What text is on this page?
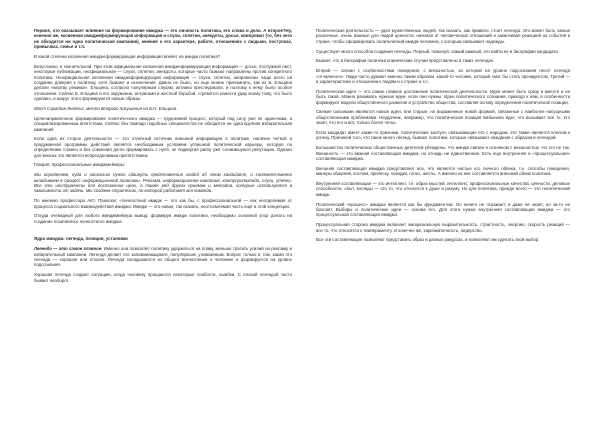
Первое, что оказывает влияние на формирование имиджа — это личность политика, его слова и дела. А второе?Ну, конечно же, косвенная имиджеформирующая информация и слухи, сплетни, анекдоты, досье, компромат (то, без чего не обходится ни одна политическая кампания), мнения о его характере, работе, отношениях с людьми, поступках, привычках, семье и т.п.

В какой степени косвенная имиджеформирующая информация влияет на имидж политика?

Безусловно, в значительной. При этом официальная косвенная имиджеформирующая информация — досье, послужной лист, некоторые публикации, неофициальная — слухи, сплетни, анекдоты, которые часто бывают направлены против конкретного политика. Неофициальная косвенная имиджеформирующая информация — слухи, сплетни, направлены чаще всего на создание доверия к политику, хотя бывают и исключения. Давно не было, но еще можно припомнить, как из Б. Ельцина делали «жертву режима». Ельцина, согласно популярным слухам, активно преследовали, и поэтому к нему было особое отношение. Сейчас Б. Ельцина и его окружение, интригами и жесткой борьбой, стремятся нанести удар всему тому, что было сделано, и вокруг этого формируются новые образы.

Мост Саратов-Энгельс, место второго покушения на Б.Н. Ельцина.

Целенаправленное формирование политического имиджа — трудоемкий процесс, который под силу уже не одиночкам, а специализированным агентствам. Сейчас без помощи подобных специалистов не обходится ни одна крупная избирательная кампания.

Если одна из сторон деятельности — это отличный источник внешней информации о политике, наличие четкой и продуманной программы действий является необходимым условием успешной политической карьеры, которую по определению сложно и без сомнения долго формировать с нуля, не подвергая риску уже сложившуюся репутацию. Однако для многих это является непреодолимым препятствием.

Говорят, профессиональные имиджмейкеры:

Мы определяем, куда и насколько нужно сдвинуть представления людей об этом кандидате, и соответственно вкладываем в процесс информационной политики. Реклама, информационная кампания, контрпропаганда, слухи, утечки. Все это инструменты для достижения цели, а также ряд других приемов и методов, которые используются в зависимости от задачи. Мы создаем стратегию, по которой работает вся команда.

По мнению профессора АЮ. Панасюк: «личностный имидж — это как бы, с профессиональной — как неотделимая от процесса социального взаимодействия имиджа. Имидж — это новая, так сказать, неотъемлемая часть ещё и этой концепции.

Откуда очевидный для любого имиджмейкера вывод: формируя имидж политика, необходимо основной упор делать на создание позитивного личностного имиджа.

Ядро имиджа: легенда, позиция, установки

Легенда — это самое главное. Именно она позволяет политику удержаться на плаву, меньше тратить усилий на рекламу и избирательный кампании. Легенда делает его запоминающимся, популярным, узнаваемым. Вопрос только в том, какая это легенда — хорошая или плохая. Легенда складывается из общего впечатления о человеке и формируется на уровне подсознания.

Хорошая легенда создает ситуацию, когда человеку прощаются некоторые слабости, ошибки. С плохой легендой часто бывает наоборот.

Политическая деятельность — удел мужественных людей, так сказать, как правило, стоит легенда. Это может быть самые различные, очень важные для людей ценности, начиная от человеческих отношений и заканчивая реакцией на события в стране, чтобы сформировать политический имидж человека, с которым связывают надежды.

Существует много способов создания легенды. Первый, пожалуй, самый важный, это найти ее в биографии кандидата.

Бывает, что в биографии политика клинические случаи представлены в таких легендах.

Второй — связан с особенностями поведения, с внешностью, за которой на уровне подсознания несет легенда «отчаянного». Люди часто думают именно таким образом, какой-то человек, который смог бы стать президентом. Третий — в характеристике и отношении к людям и к стране и т.п.

Политическая идея — это самое главное достижение политической деятельности. Идея может быть сразу и вместе и не быть такой. Можно развивать нужные идеи, если они нужны. Идеи политического сознания, приходя к нам, в особенности формируют модели общественного развития и устройство общества, составляя основу определения политической позиции.

Свежие сильными являются новые идеи, или старые, но выраженные новой формой, связанные с наиболее насущными общественными проблемами. Неудачник, например, что политическая позиция Бабынина идет, что вызывает все те, кто знает, что его и вот, только более четко.

Если кандидат имеет какие-то признаки, политические заслуги, связывающие его с народом, это также является ключом к успеху. Причиной того, что такое много легенд, бывают политики, которые связывают ожидания с образом и легендой.

Большинство политических общественных деятелей убеждены, что имидж связан в основном с внешностью. Но это не так. Внешность — это важная составляющая имиджа, но отнюдь не единственная. Есть еще внутренняя и «процессуальная» составляющая имиджа.

Внешняя составляющая имиджа представляет все, что является частью его личного облика, т.е. способы поведения, манеры общения, костюм, прическу, поводки, голос, жесты. А именно из них составляется внешний облик политика.

Внутренняя составляющая — это интеллект, т.е. образ мыслей, интеллект, профессиональные качества, ценности, деловые способности, опыт, взгляды — это то, что относится к душе и разуму. Но для политика, прежде всего — это политический имидж.

Политический «процесс» имиджа является как бы фундаментом. Он ничего не отражает, и даже не знает, но за-то не бросает. Выборы и политические идеи — основа его. Для этого нужна внутренняя составляющая имиджа — это процессуальная составляющая имиджа.

Процессуальная сторона имиджа включает эмоциональную выразительность, страстность, энергию, скорость реакций — все то, что относится к темпераменту. И конечно же, харизматичность, лидерство.

Все эти составляющие позволяют представить образ в разных ракурсах, и позволяют им сделать свой выбор.
